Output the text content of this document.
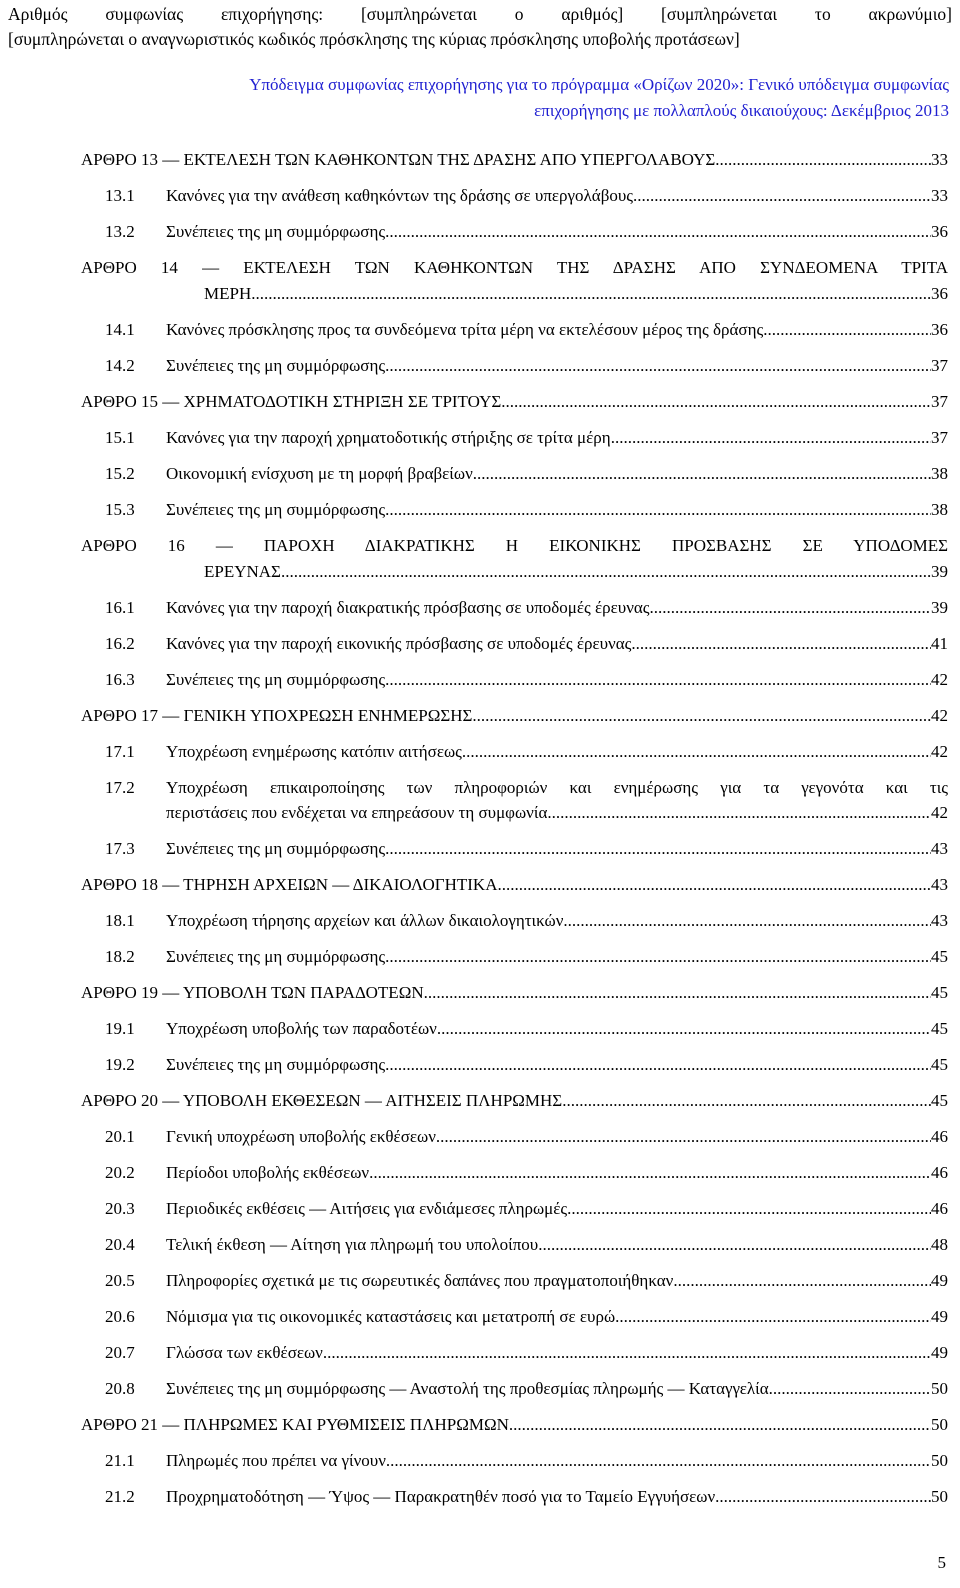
Αριθμός συμφωνίας επιχορήγησης: [συμπληρώνεται ο αριθμός] [συμπληρώνεται το ακρωνύμιο]
[συμπληρώνεται ο αναγνωριστικός κωδικός πρόσκλησης της κύριας πρόσκλησης υποβολής προτάσεων]
Υπόδειγμα συμφωνίας επιχορήγησης για το πρόγραμμα «Ορίζων 2020»: Γενικό υπόδειγμα συμφωνίας
επιχορήγησης με πολλαπλούς δικαιούχους: Δεκέμβριος 2013
ΑΡΘΡΟ 13 — ΕΚΤΕΛΕΣΗ ΤΩΝ ΚΑΘΗΚΟΝΤΩΝ ΤΗΣ ΔΡΑΣΗΣ ΑΠΟ ΥΠΕΡΓΟΛΑΒΟΥΣ .....	33
13.1	Κανόνες για την ανάθεση καθηκόντων της δράσης σε υπεργολάβους .....	33
13.2	Συνέπειες της μη συμμόρφωσης .....	36
ΑΡΘΡΟ 14 — ΕΚΤΕΛΕΣΗ ΤΩΝ ΚΑΘΗΚΟΝΤΩΝ ΤΗΣ ΔΡΑΣΗΣ ΑΠΟ ΣΥΝΔΕΟΜΕΝΑ ΤΡΙΤΑ
ΜΕΡΗ .....	36
14.1	Κανόνες πρόσκλησης προς τα συνδεόμενα τρίτα μέρη να εκτελέσουν μέρος της δράσης .....	36
14.2	Συνέπειες της μη συμμόρφωσης .....	37
ΑΡΘΡΟ 15 — ΧΡΗΜΑΤΟΔΟΤΙΚΗ ΣΤΗΡΙΞΗ ΣΕ ΤΡΙΤΟΥΣ .....	37
15.1	Κανόνες για την παροχή χρηματοδοτικής στήριξης σε τρίτα μέρη .....	37
15.2	Οικονομική ενίσχυση με τη μορφή βραβείων .....	38
15.3	Συνέπειες της μη συμμόρφωσης .....	38
ΑΡΘΡΟ 16 — ΠΑΡΟΧΗ ΔΙΑΚΡΑΤΙΚΗΣ Η ΕΙΚΟΝΙΚΗΣ ΠΡΟΣΒΑΣΗΣ ΣΕ ΥΠΟΔΟΜΕΣ
ΕΡΕΥΝΑΣ .....	39
16.1	Κανόνες για την παροχή διακρατικής πρόσβασης σε υποδομές έρευνας .....	39
16.2	Κανόνες για την παροχή εικονικής πρόσβασης σε υποδομές έρευνας .....	41
16.3	Συνέπειες της μη συμμόρφωσης .....	42
ΑΡΘΡΟ 17 — ΓΕΝΙΚΗ ΥΠΟΧΡΕΩΣΗ ΕΝΗΜΕΡΩΣΗΣ .....	42
17.1	Υποχρέωση ενημέρωσης κατόπιν αιτήσεως .....	42
17.2	Υποχρέωση επικαιροποίησης των πληροφοριών και ενημέρωσης για τα γεγονότα και τις
περιστάσεις που ενδέχεται να επηρεάσουν τη συμφωνία .....	42
17.3	Συνέπειες της μη συμμόρφωσης .....	43
ΑΡΘΡΟ 18 — ΤΗΡΗΣΗ ΑΡΧΕΙΩΝ — ΔΙΚΑΙΟΛΟΓΗΤΙΚΑ .....	43
18.1	Υποχρέωση τήρησης αρχείων και άλλων δικαιολογητικών .....	43
18.2	Συνέπειες της μη συμμόρφωσης .....	45
ΑΡΘΡΟ 19 — ΥΠΟΒΟΛΗ ΤΩΝ ΠΑΡΑΔΟΤΕΩΝ .....	45
19.1	Υποχρέωση υποβολής των παραδοτέων .....	45
19.2	Συνέπειες της μη συμμόρφωσης .....	45
ΑΡΘΡΟ 20 — ΥΠΟΒΟΛΗ ΕΚΘΕΣΕΩΝ — ΑΙΤΗΣΕΙΣ ΠΛΗΡΩΜΗΣ .....	45
20.1	Γενική υποχρέωση υποβολής εκθέσεων .....	46
20.2	Περίοδοι υποβολής εκθέσεων .....	46
20.3	Περιοδικές εκθέσεις — Αιτήσεις για ενδιάμεσες πληρωμές .....	46
20.4	Τελική έκθεση — Αίτηση για πληρωμή του υπολοίπου .....	48
20.5	Πληροφορίες σχετικά με τις σωρευτικές δαπάνες που πραγματοποιήθηκαν .....	49
20.6	Νόμισμα για τις οικονομικές καταστάσεις και μετατροπή σε ευρώ .....	49
20.7	Γλώσσα των εκθέσεων .....	49
20.8	Συνέπειες της μη συμμόρφωσης — Αναστολή της προθεσμίας πληρωμής — Καταγγελία .....	50
ΑΡΘΡΟ 21 — ΠΛΗΡΩΜΕΣ ΚΑΙ ΡΥΘΜΙΣΕΙΣ ΠΛΗΡΩΜΩΝ .....	50
21.1	Πληρωμές που πρέπει να γίνουν .....	50
21.2	Προχρηματοδότηση — Ύψος — Παρακρατηθέν ποσό για το Ταμείο Εγγυήσεων .....	50
5
